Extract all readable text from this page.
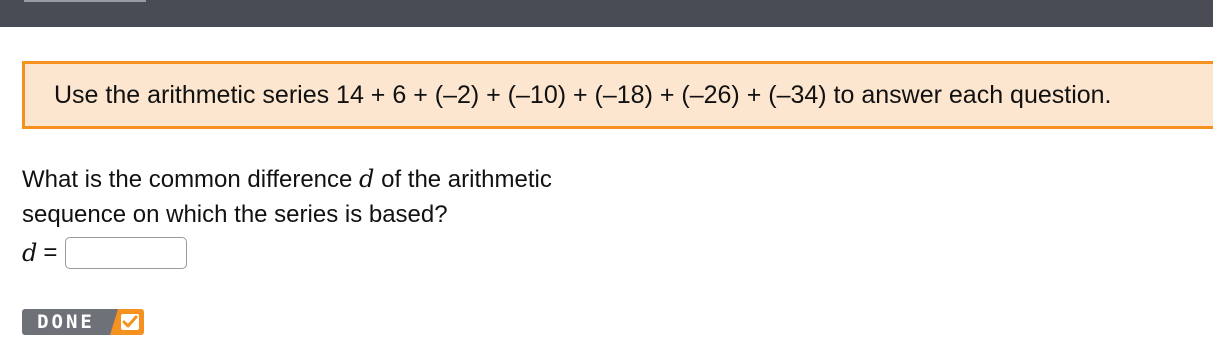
Use the arithmetic series 14 + 6 + (–2) + (–10) + (–18) + (–26) + (–34) to answer each question.
What is the common difference d of the arithmetic sequence on which the series is based?
d =
DONE
